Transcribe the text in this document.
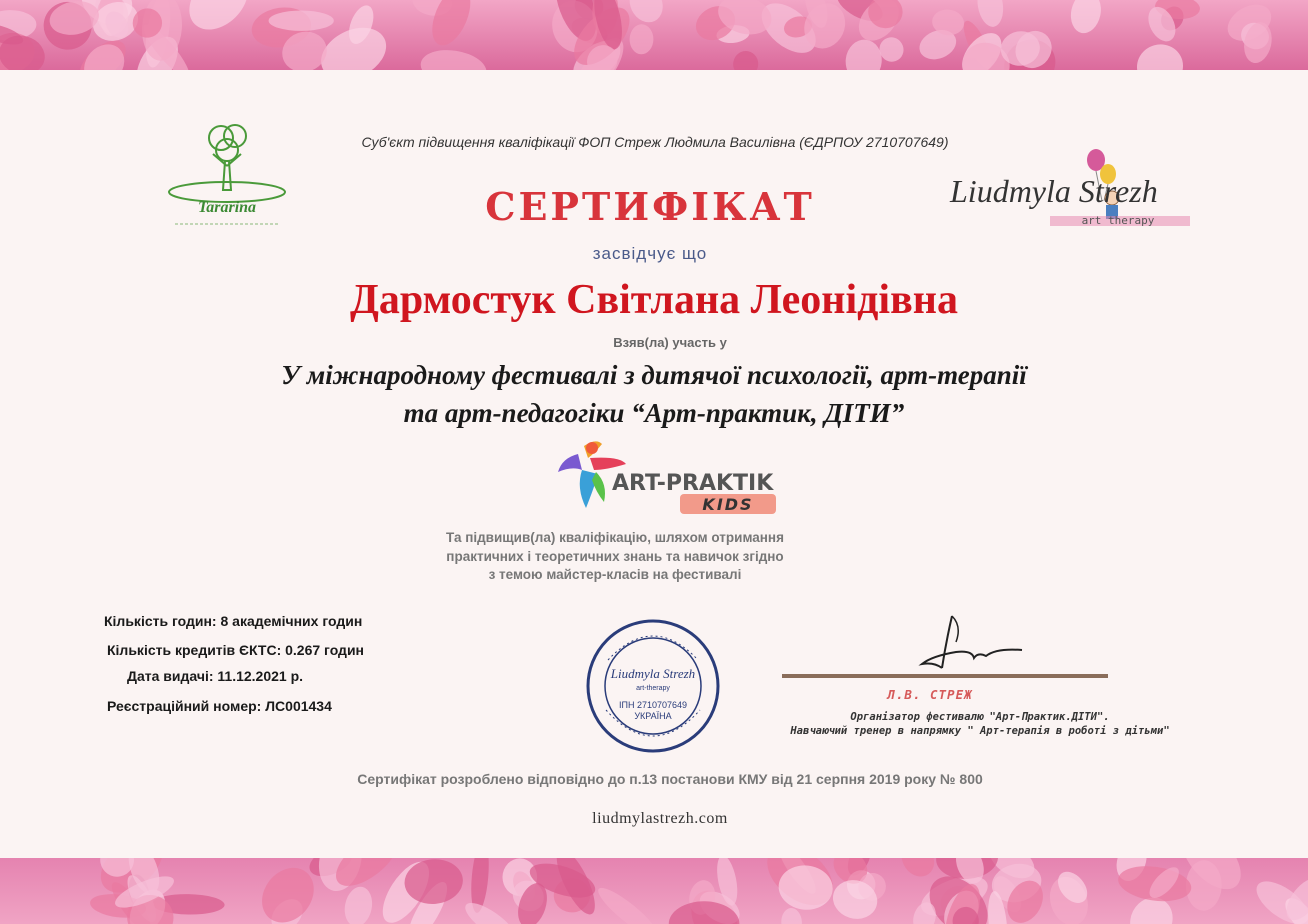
Tararina	Liudmyla Strezh
art therapy
ART-PRAKTIK
KIDS
Суб'єкт підвищення кваліфікації ФОП Стреж Людмила Василівна (ЄДРПОУ 2710707649)
СЕРТИФІКАТ
засвідчує що
Дармостук Світлана Леонідівна
Взяв(ла) участь у
У міжнародному фестивалі з дитячої психології, арт-терапії
та арт-педагогіки “Арт-практик, ДІТИ”
Та підвищив(ла) кваліфікацію, шляхом отримання
практичних і теоретичних знань та навичок згідно
з темою майстер-класів на фестивалі
Кількість годин: 8 академічних годин
Кількість кредитів ЄКТС: 0.267 годин
Дата видачі: 11.12.2021 р.
Реєстраційний номер: ЛС001434
Liudmyla Strezh
art-therapy
ІПН 2710707649
УКРАЇНА
Л.В. СТРЕЖ
Організатор фестивалю "Арт-Практик.ДІТИ".
Навчаючий тренер в напрямку " Арт-терапія в роботі з дітьми"
Сертифікат розроблено відповідно до п.13 постанови КМУ від 21 серпня 2019 року № 800
liudmylastrezh.com
